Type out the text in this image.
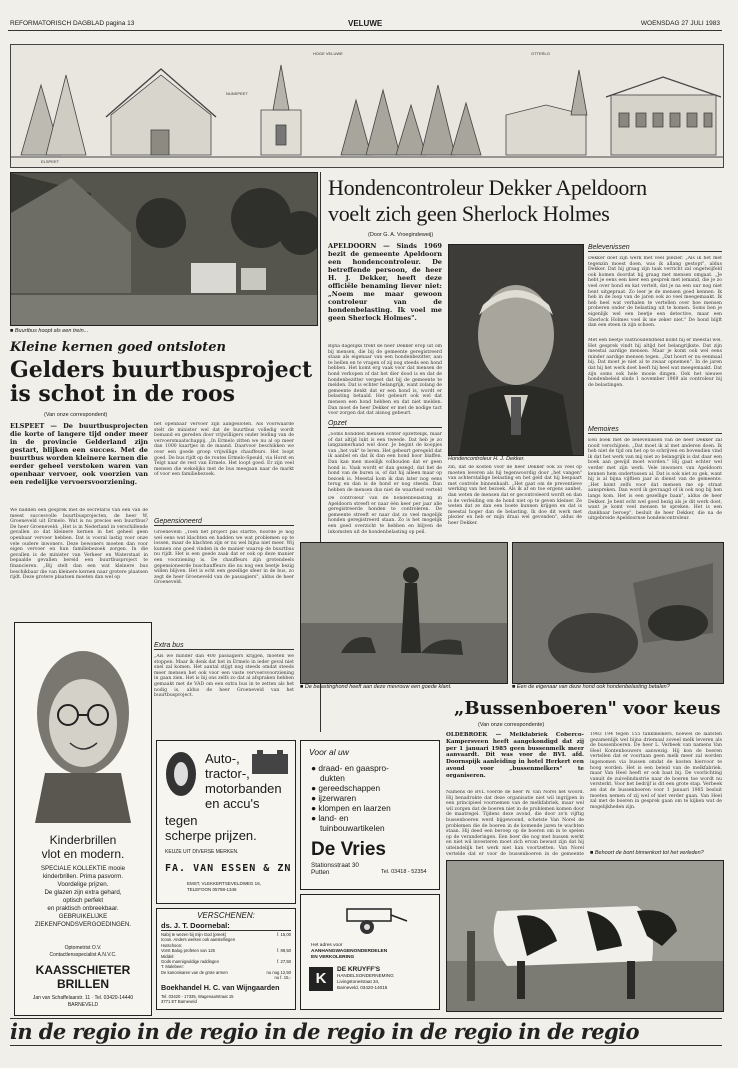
REFORMATORISCH DAGBLAD pagina 13	VELUWE	WOENSDAG 27 JULI 1983
ELSPEET
NUNSPEET
HOGE VELUWE	OTTERLO
■ Buurtbus hoopt als een trein...
Kleine kernen goed ontsloten
Gelders buurtbusproject
is schot in de roos
(Van onze correspondent)
ELSPEET — De buurtbusprojecten die korte of langere tijd onder meer in de provincie Gelderland zijn gestart, blijken een succes. Met de buurtbus worden kleinere kernen die eerder geheel verstoken waren van openbaar vervoer, ook voorzien van een redelijke vervoersvoorziening.
We hadden een gesprek met de secretaris van één van de meest succesvolle buurtbusprojecten, de heer W. Groeneveld uit Ermelo. Wat is nu precies een buurtbus? De heer Groeneveld: „Het is in Nederland in verschillende gevallen zo dat kleinere kernen in het geheel geen openbaar vervoer hebben. Dat is vooral lastig voor onze vele oudere inwoners. Deze bewoners moeten dan voor eigen vervoer en hun familiebezoek zorgen. In die gevallen is de minister van Verkeer en Waterstaat in bepaalde gevallen bereid een buurtbusproject te financieren. „Bij stelt dan een wat kleinere bus beschikbaar die van kleinere kernen naar grotere plaatsen rijdt. Deze grotere plaatsen moeten dan wel op
het openbaar vervoer zijn aangesloten. Als voorwaarde stelt de minister wel dat de buurtbus volledig wordt bemand en gereden door vrijwilligers onder leiding van de vervoersmaatschappij. „In Ermelo zitten we nu al op meer dan 1000 kaartjes in de maand. Daarvoor beschikken we over een goede groep vrijwillige chauffeurs. Het loopt goed. De bus rijdt op de routes Ermelo-Speuld, via Horst en Telgt naar de rest van Ermelo. Het loopt goed. Er zijn veel mensen die wekelijks met de bus meegaan naar de markt of voor een familiebezoek.
Gepensioneerd
Groeneveld: „Toen het project pas startte, hoorde je nog wel eens wat klachten en hadden we wat problemen op te lossen, maar de klachten zijn er nu wel bijna niet meer. Wij kunnen ons goed vinden in de manier waarop de buurtbus nu rijdt. Het is een goede zaak dat er ook op deze manier een voorziening is. De chauffeurs zijn grotendeels gepensioneerde buschauffeurs die nu nog een beetje bezig willen blijven. Het is echt een gezellige sfeer in de bus, zo zegt de heer Groeneveld van de passagiers", aldus de heer Groeneveld.
Extra bus
„Als we minder dan 400 passagiers krijgen, moeten we stoppen. Maar ik denk dat het in Ermelo in ieder geval niet snel zal komen. Het aantal stijgt nog steeds omdat steeds meer mensen het ook voor een vaste vervoersvoorziening in gaan zien. Het is bij ons zelfs zo dat al afspraken hebben gemaakt met de VAD om een extra bus in te zetten als het nodig is, aldus de heer Groeneveld van het buurtbusproject.
Kinderbrillen
vlot en modern.
SPECIALE KOLLEKTIE mooie
kinderbrillen. Prima pasvorm.
Voordelige prijzen.
De glazen zijn extra gehard,
optisch perfekt
en praktisch onbreekbaar.
GEBRUIKELIJKE
ZIEKENFONDSVERGOEDINGEN.
Optometrist O.V.
Contactlensspecialist A.N.V.C.
KAASSCHIETER
BRILLEN
Jan van Schaffelaarstr. 11 · Tel. 03420-14440
BARNEVELD
Auto-,
tractor-,
motorbanden
en accu's
tegen
scherpe prijzen.
KEUZE UIT DIVERSE MERKEN.
FA. VAN ESSEN & ZN
EMST, VLEKKERTSEVELDWEG 16,
TELEFOON 05788-1346
VERSCHENEN:
ds. J. T. Doornebal:
Nabij te wezen bij mijn God (preek)	f. 15,00
Icoon. Anders werken ook aanstellingen
Hutschoon:
Vorst Balog profeten van 125	f. 89,50
Middel:
Gods mannigvuldige raddingen	f. 27,50
T. Malebeer:
De kanonisaren van de grote armen	nu nog 12,50
nu f. 15,-
Boekhandel H. C. van Wijngaarden
Tel. 03420 - 17335, Wagenaarstraat 15
3771 ET Barneveld
Voor al uw
● draad- en gaaspro-
dukten
● gereedschappen
● ijzerwaren
● klompen en laarzen
● land- en
tuinbouwartikelen
De Vries
Stationsstraat 30
Putten	Tel. 03418 - 52354
Het adres voor
AANHANGWAGENONDERDELEN
EN VERKOLERING
K
DE KRUYFF'S
HANDELSONDERNEMING
Livingstonestraat 34,
Barneveld, 03420-14015
Hondencontroleur Dekker Apeldoorn
voelt zich geen Sherlock Holmes
(Door G. A. Vroegindeweij)
APELDOORN — Sinds 1969 bezit de gemeente Apeldoorn een hondencontroleur. De betreffende persoon, de heer H. J. Dekker, heeft deze officiële benaming liever niet: „Noem me maar gewoon controleur van de hondenbelasting. Ik voel me geen Sherlock Holmes".
Bijna dagelijks trekt de heer Dekker erop uit om bij mensen, die bij de gemeente geregistreerd staan als eigenaar van een hondenbezitter, aan te bellen en te vragen of zij nog steeds een hond hebben. Het komt erg vaak voor dat mensen de hond verkopen of dat het dier dood is en dat de hondenbezitter vergeet dat bij de gemeente te melden. Dat is echter belangrijk, want zolang de gemeente denkt dat er een hond is, wordt er belasting betaald. Het gebeurt ook wel dat mensen een hond hebben en dat niet melden. Dan moet de heer Dekker er met de nodige tact voor zorgen dat dat alsnog gebeurt.
Opzet
„Soms hondden mensen echter opzettelijk, maar of dat altijd lukt is een tweede. Dat heb je zo langzamerhand wel door. Je begint de koopjes van „het vak" te leren. Het gebeurt geregeld dat ik aanbel en dat ik dan een hond hoor blaffen. Dan kan men moeilijk volhouden dat er geen hond is. Vaak wordt er dan gezegd, dat het de hond van de buren is, of dat hij alleen maar op bezoek is. Meestal kom ik dan later nog eens terug en dan is de hond er nog steeds. Dan hebben de mensen dus niet de waarheid verteld
De controleur van de hondenbelasting in Apeldoorn streeft er naar één keer per jaar alle geregistreerde honden te controleren. De gemeente streeft er naar dat zo veel mogelijk honden geregistreerd staan. Zo is het mogelijk een goed overzicht te hebben en blijven de inkomsten uit de hondenbelasting op peil.
Hondencontroleur H. J. Dekker.
zin, dat de kosten voor de heer Dekker ook zo veel op moeten leveren als hij tegenwoordig door „het vangen" van achterstallige belasting en het geld dat hij bespaart met controle binnenhaalt. „Het gaat om de preventieve werking van het bezoek. Als ik af en toe ergens aanbel, dan weten de mensen dat er gecontroleerd wordt en dan is de verleiding om de hond niet op te geven kleiner. Ze weten dat ze dan een boete kunnen krijgen en dat is meestal hoger dan de belasting. Ik doe dit werk met plezier en heb er mijn draai wel gevonden", aldus de heer Dekker.
Belevenissen
Dekker doet zijn werk met veel plezier. „Als ik het met tegenzin moest doen, was ik allang gestopt", aldus Dekker. Dat hij graag zijn taak verricht zal ongetwijfeld ook komen doordat hij graag met mensen omgaat. „Je hebt je eens een keer een gesprek met iemand, die je zo veel over hond en kat vertelt, dat je na een uur nog niet bent uitgepraat. Zo leer je de mensen goed kennen. Ik heb in de loop van de jaren ook zo veel meegemaakt. Ik heb heel wat verhalen te vertellen over hoe mensen proberen onder de belasting uit te komen. Soms ben je eigenlijk wel een beetje een detective, maar een Sherlock Holmes voel ik me zeker niet." De hond blijft dan een steen in zijn schoen.
Met een beetje vasthoudendheid komt hij er meestal wel. Het gesprek vindt hij altijd het belangrijkste. Dat zijn meestal aardige mensen. Maar je komt ook wel eens minder aardige mensen tegen. „Dat hoort er nu eenmaal bij. Dat moet je niet al te zwaar opnemen". In de jaren dat hij het werk doet heeft hij heel wat meegemaakt. Dat zijn soms ook hele mooie dingen. Ook het nieuwe hondenbeleid sinds 1 november 1969 als controleur bij de belastingen.
Memoires
Eén boek met de belevenissen van de heer Dekker zal nooit verschijnen. „Dat moet ik al met anderen doen. Ik heb niet de tijd om het op te schrijven en bovendien vind ik dat het werk van mij niet zo belangrijk is dat daar een boek aan gewijd moet worden." Hij gaat echter wel verder met zijn werk. Vele inwoners van Apeldoorn kennen hem ondertussen al. Dat is ook niet zo gek, want hij is al bijna vijftien jaar in dienst van de gemeente. „Het komt zelfs voor dat mensen me op straat aanspreken. Dan word ik gevraagd of ik ook nog bij hen langs kom. Het is een gezellige baan", aldus de heer Dekker. Je bent echt wel goed bezig als je dit werk doet, want je komt veel mensen te spreken. Het is een dankbaar beroep", besluit de heer Dekker, die na de uitgebreide Apeldoornse hondencontroleur.
■ De belastinghond heeft aan deze mevrouw een goede klant.	■ Een de eigenaar van deze hond ook hondenbelasting betalen?
„Bussenboeren" voor keus
(Van onze correspondente)
OLDEBROEK — Melkfabriek Coberco-Kampersveen heeft aangekondigd dat zij per 1 januari 1985 geen bussenmelk meer aanvaardt. Dit was voor de BVL afd. Doornspijk aanleiding in hotel Herkert een avond voor „bussenmelkers" te organiseren.
Namens de BVL voerde de heer W. van Norel het woord. Hij benadrukte dat deze organisatie niet wil ingrijpen in een principieel voornemen van de melkfabriek, maar wel wil zorgen dat de boeren niet in de problemen komen door de maatregel. Tijdens deze avond, die door zo'n vijftig bussenboeren werd bijgewoond, schetste Van Norel de problemen die de boeren in de komende jaren te wachten staan. Hij deed een beroep op de boeren om in te spelen op de veranderingen. Een boer die nog met bussen werkt en niet wil investeren moet zich ervan bewust zijn dat hij uiteindelijk het werk niet kan voortzetten. Van Norel vertelde dat er voor de bussenboeren in de gemeente
1983 194 tegen 155 tankmelkers, hoewel de laatsten gezamenlijk wel bijna driemaal zoveel melk leveren als de bussenboeren. De heer L. Verbeek van namens Van Heel Kontenbouwers aanwezig. Hij kon de boeren vertellen dat er voortaan geen melk meer zal worden ingenomen via bussen omdat de kosten hiervoor te hoog worden. Het is een beleid van de melkfabriek, maar Van Heel heeft er ook baat bij. De voorlichting vanuit de zuivelindustrie naar de boeren toe wordt nu versterkt. Voor het bedrijf is dit een grote stap. Verbeek zei dat de bussenboeren voor 1 januari 1985 besluit moeten nemen of zij wel of niet verder gaan. Van Heel zal met de boeren in gesprek gaan om te kijken wat de mogelijkheden zijn.
■ Behoort de bont binnenkort tot het verleden?
in de regio in de regio in de regio in de regio in de regio
